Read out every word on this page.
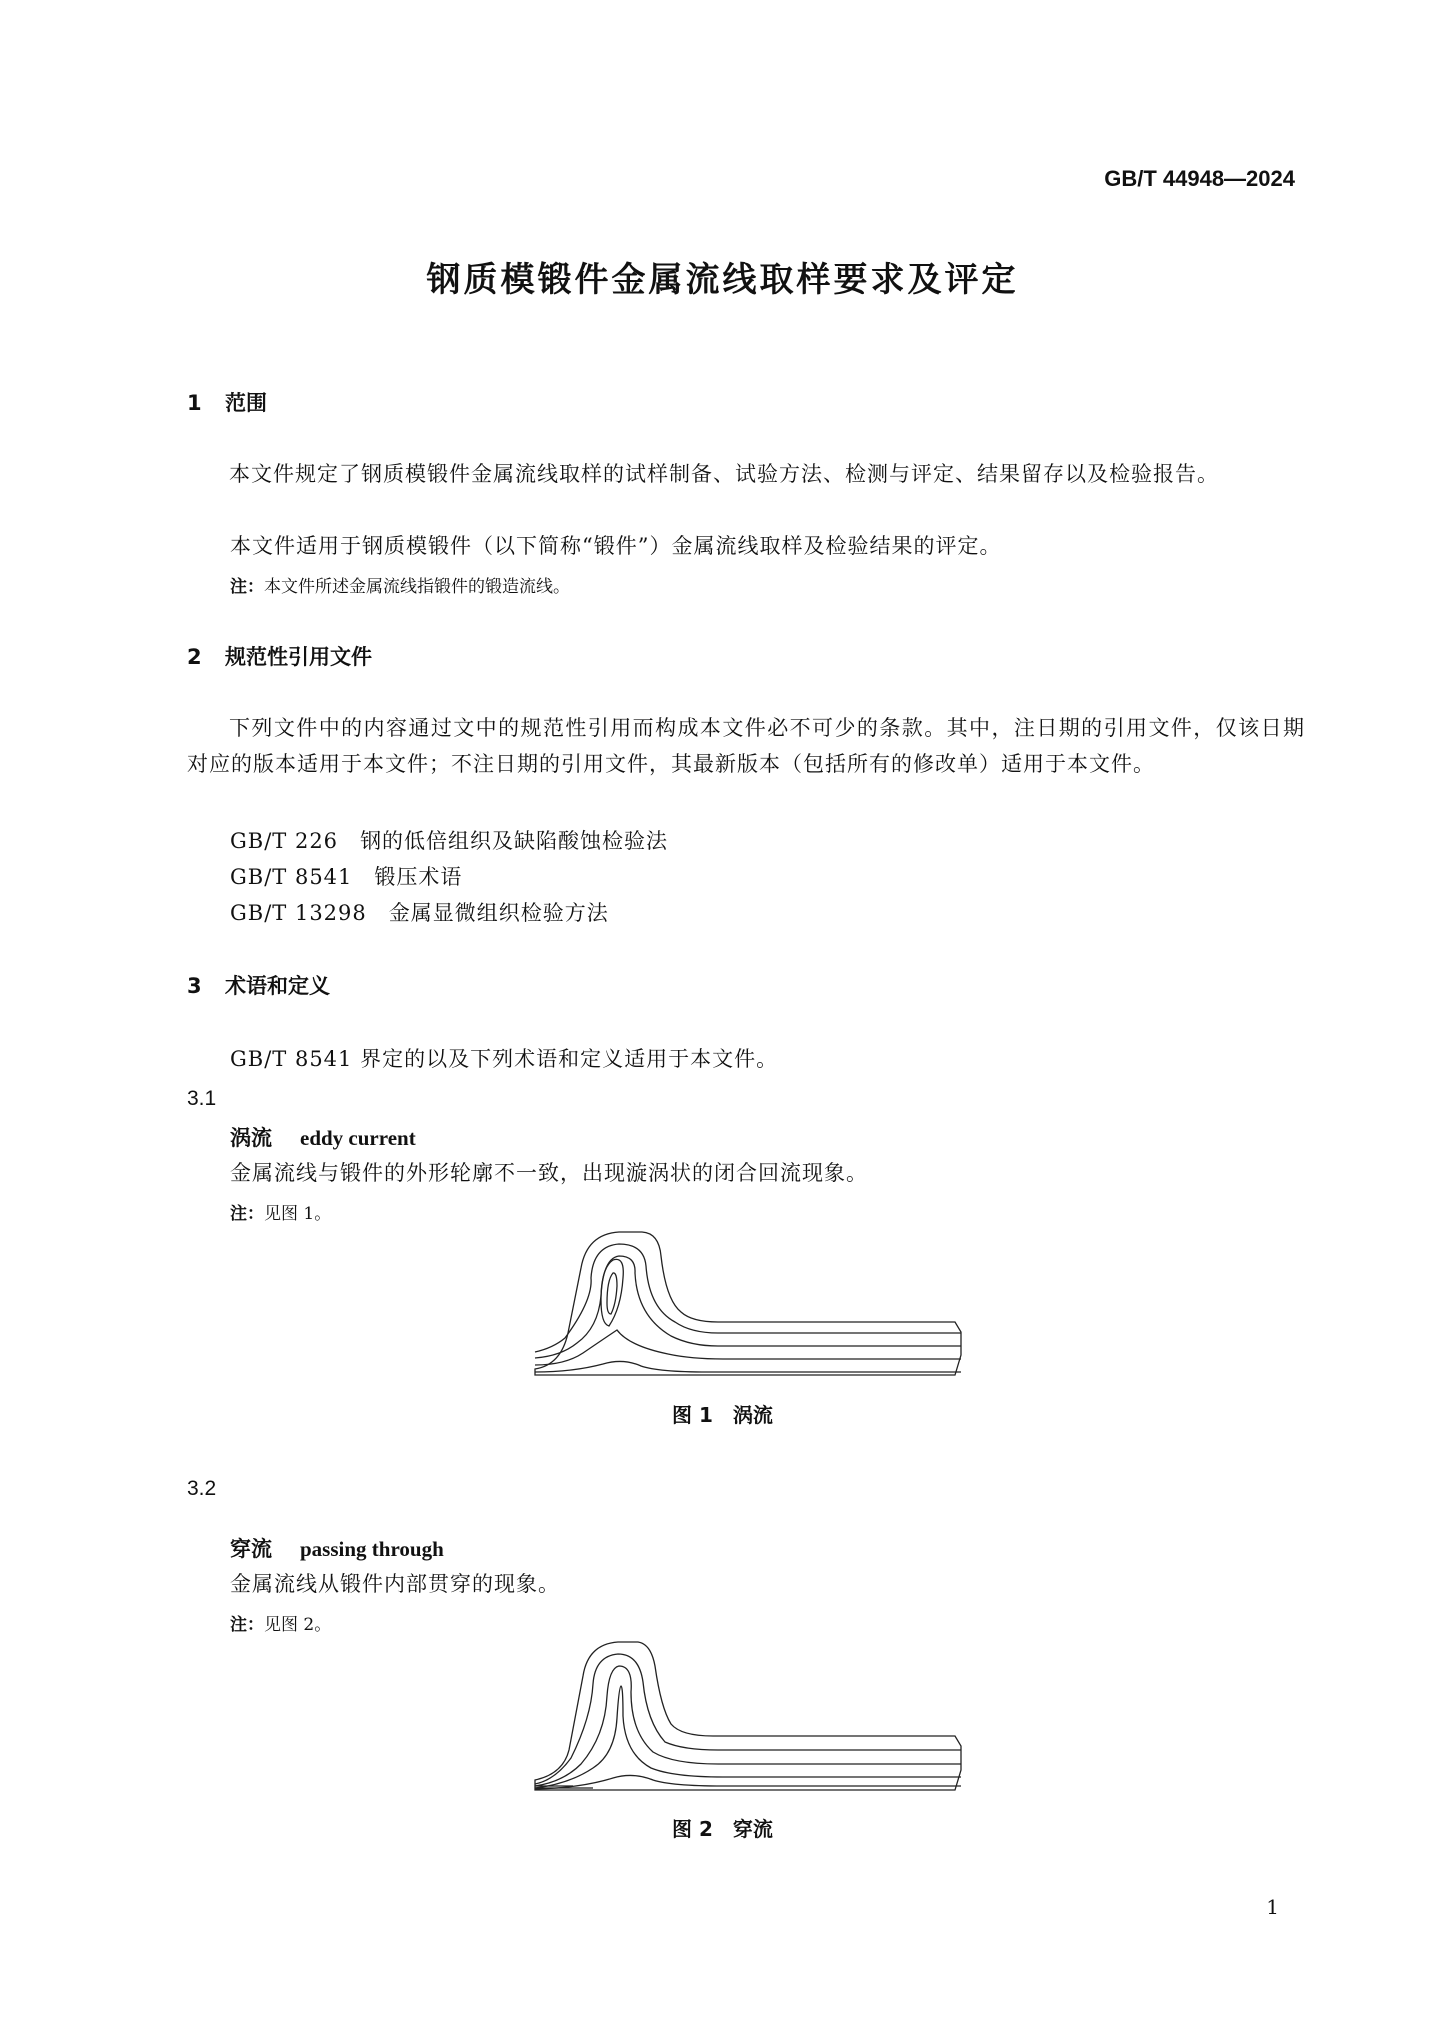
GB/T 44948—2024
钢质模锻件金属流线取样要求及评定
1 范围
本文件规定了钢质模锻件金属流线取样的试样制备、试验方法、检测与评定、结果留存以及检验报告。
本文件适用于钢质模锻件（以下简称“锻件”）金属流线取样及检验结果的评定。
注：本文件所述金属流线指锻件的锻造流线。
2 规范性引用文件
下列文件中的内容通过文中的规范性引用而构成本文件必不可少的条款。其中，注日期的引用文件，仅该日期对应的版本适用于本文件；不注日期的引用文件，其最新版本（包括所有的修改单）适用于本文件。
GB/T 226　 钢的低倍组织及缺陷酸蚀检验法
GB/T 8541　 锻压术语
GB/T 13298　 金属显微组织检验方法
3 术语和定义
GB/T 8541 界定的以及下列术语和定义适用于本文件。
3.1
涡流 eddy current
金属流线与锻件的外形轮廓不一致，出现漩涡状的闭合回流现象。
注：见图 1。
图 1　涡流
3.2
穿流 passing through
金属流线从锻件内部贯穿的现象。
注：见图 2。
图 2　穿流
1
